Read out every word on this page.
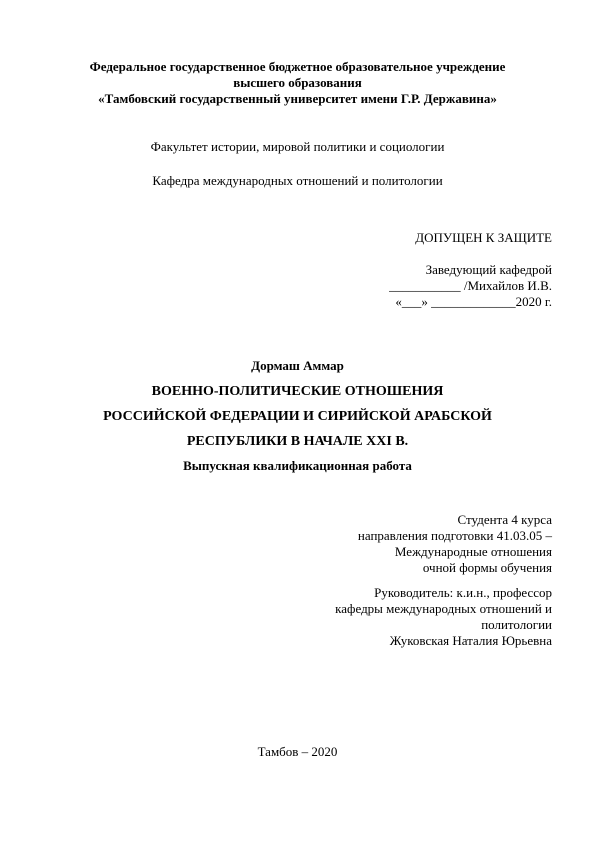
Федеральное государственное бюджетное образовательное учреждение
высшего образования
«Тамбовский государственный университет имени Г.Р. Державина»
Факультет истории, мировой политики и социологии
Кафедра международных отношений и политологии
ДОПУЩЕН К ЗАЩИТЕ
Заведующий кафедрой
___________ /Михайлов И.В.
«___» _____________2020 г.
Дормаш Аммар
ВОЕННО-ПОЛИТИЧЕСКИЕ ОТНОШЕНИЯ
РОССИЙСКОЙ ФЕДЕРАЦИИ И СИРИЙСКОЙ АРАБСКОЙ
РЕСПУБЛИКИ В НАЧАЛЕ XXI В.
Выпускная квалификационная работа
Студента 4 курса
направления подготовки 41.03.05 –
Международные отношения
очной формы обучения
Руководитель: к.и.н., профессор
кафедры международных отношений и
политологии
Жуковская Наталия Юрьевна
Тамбов – 2020
